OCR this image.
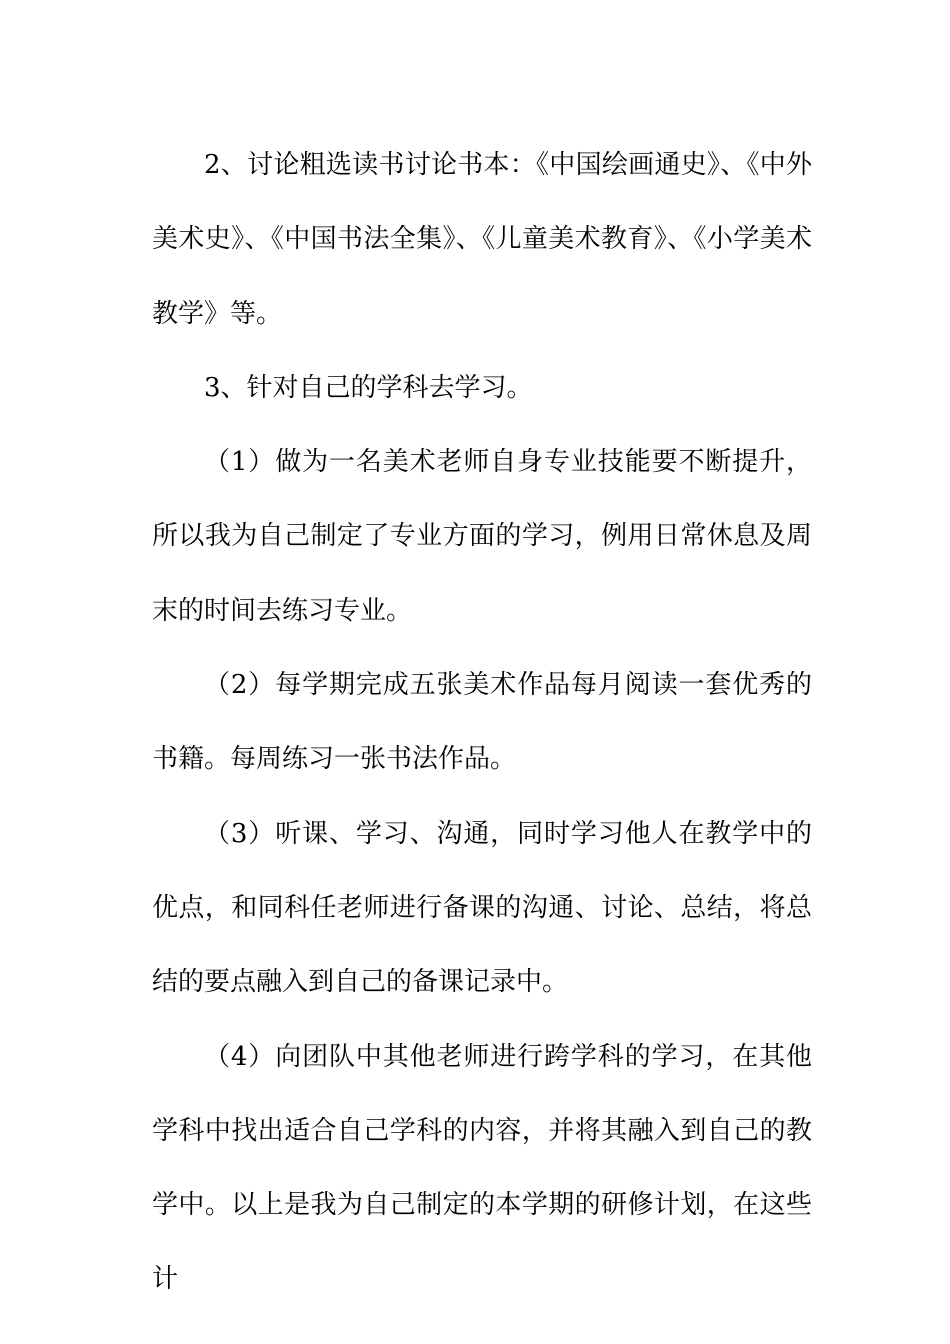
2、讨论粗选读书讨论书本：《中国绘画通史》、《中外美术史》、《中国书法全集》、《儿童美术教育》、《小学美术教学》等。

3、针对自己的学科去学习。

（1）做为一名美术老师自身专业技能要不断提升，所以我为自己制定了专业方面的学习，例用日常休息及周末的时间去练习专业。

（2）每学期完成五张美术作品每月阅读一套优秀的书籍。每周练习一张书法作品。

（3）听课、学习、沟通，同时学习他人在教学中的优点，和同科任老师进行备课的沟通、讨论、总结，将总结的要点融入到自己的备课记录中。

（4）向团队中其他老师进行跨学科的学习，在其他学科中找出适合自己学科的内容，并将其融入到自己的教学中。以上是我为自己制定的本学期的研修计划，在这些计
